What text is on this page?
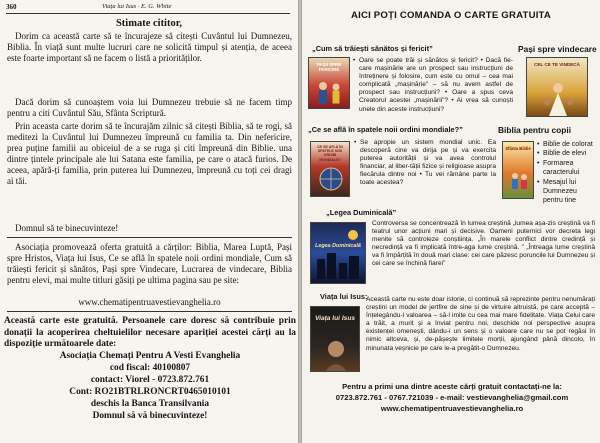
360	Viața lui Isus · E. G. White
Stimate cititor,

Dorim ca această carte să te încurajeze să citești Cuvântul lui Dumnezeu, Biblia. În viață sunt multe lucruri care ne solicită timpul și atenția, de aceea este foarte important să ne facem o listă a priorităților.

Dacă dorim să cunoaștem voia lui Dumnezeu trebuie să ne facem timp pentru a citi Cuvântul Său, Sfânta Scriptură.

Prin aceasta carte dorim să te încurajăm zilnic să citești Biblia, să te rogi, să meditezi la Cuvântul lui Dumnezeu împreună cu familia ta. Din nefericire, prea puține familii au obiceiul de a se ruga și citi împreună din Biblie. una dintre țintele principale ale lui Satana este familia, pe care o atacă furios. De aceea, apără-ți familia, prin puterea lui Dumnezeu, împreună cu toți cei dragi ai tăi.

Domnul să te binecuvinteze!

Asociația promovează oferta gratuită a cărților: Biblia, Marea Luptă, Pași spre Hristos, Viața lui Isus, Ce se află în spatele noii ordini mondiale, Cum să trăiești fericit și sănătos, Pași spre Vindecare, Lucrarea de vindecare, Biblia pentru elevi, mai multe titluri găsiți pe ultima pagina sau pe site:

www.chematipentruavestievanghelia.ro

Această carte este gratuită. Persoanele care doresc să contribuie prin donații la acoperirea cheltuielilor necesare apariției acestei cărți au la dispoziție următoarele date:

Asociația Chemați Pentru A Vesti Evanghelia

cod fiscal: 40100807

contact: Viorel - 0723.872.761

Cont: RO21BTRLRONCRT0465010101

deschis la Banca Transilvania

Domnul să vă binecuvinteze!

AICI POȚI COMANDA O CARTE GRATUITA
„Cum să trăiești sănătos și fericit”
PAȘII SPRE FERICIRE
• Oare se poate trăi și sănătos și fericit? • Dacă fie-care mașinărie are un prospect sau instrucțiuni de întreținere și folosire, cum este cu omul – cea mai complicată „mașinărie” – să nu avem astfel de prospect sau instrucțiuni? • Oare a spus ceva Creatorul acestei „mașinării”? • Ai vrea să cunoști unele din aceste instrucțiuni?
Pași spre vindecare
CEL CE TE VINDECĂ
„Ce se află în spatele noii ordini mondiale?”
CE SE AFLĂ ÎN SPATELE NOII ORDINI MONDIALE?
• Se apropie un sistem mondial unic. Ea descoperă cine va dirija pe și va exercita puterea autorității și va avea controlul financiar, al liber-tății fizice și religioase asupra fiecărula dintre noi • Tu vei rămâne parte la toate acestea?
Biblia pentru copii
Sfânta Biblie
• Biblie de colorat
• Biblie de elevi
• Formarea caracterului
• Mesajul lui Dumnezeu pentru tine
„Legea Duminicală”
Legea Duminicală

Controversa se concentrează în lumea creștină „lumea așa-zis creștină va fi teatrul unor acțiuni mari și decisive. Oameni puternici vor decreta legi menite să controleze conștiința. „În marele conflict dintre credință și necredință va fi implicată între-aga lume creștină. ” „Întreaga lume creștină va fi împărțită în două mari clase: cei care păzesc poruncile lui Dumnezeu și cei care se închină fiarei”

Viața lui Isus:
Viața lui Isus

Această carte nu este doar istorie, ci continuă să reprezinte pentru nenumărați creștini un model de jertfire de sine și de virtuire altruistă, pe care acceptă – înțelegându-l valoarea – să-l imite cu cea mai mare fidelitate. Viața Celui care a trăit, a murit și a înviat pentru noi, deschide noi perspective asupra existenței omenești, dându-i un sens și o valoare care nu se pot regăsi în nimic altceva, și, de-pășește limitele morții, ajungând până dincolo, în minunata veșnicie pe care le-a pregătit-o Dumnezeu.

Pentru a primi una dintre aceste cărți gratuit contactați-ne la:

0723.872.761 - 0767.721039 - e-mail: vestievanghelia@gmail.com

www.chematipentruavestievanghelia.ro
